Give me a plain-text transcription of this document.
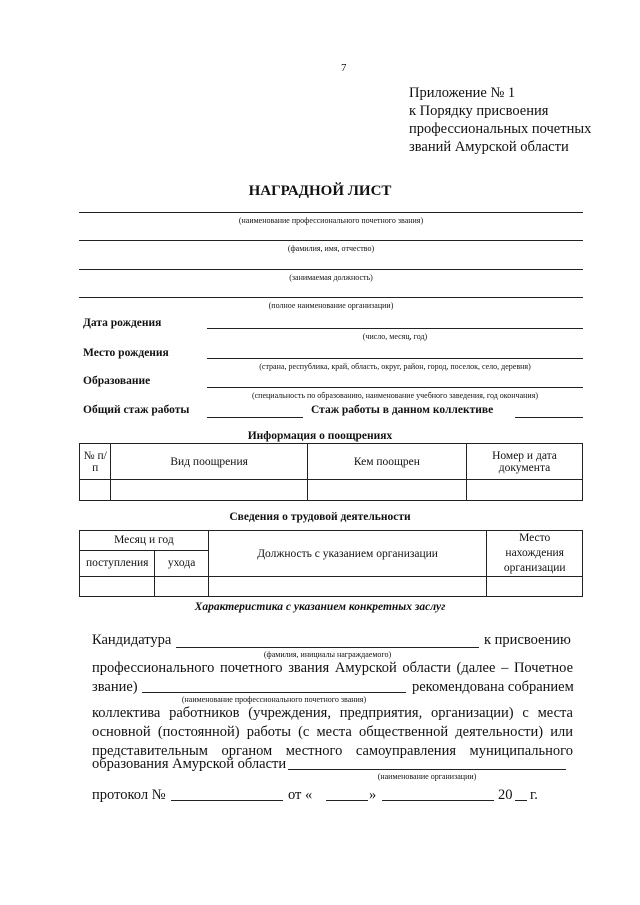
7
Приложение № 1
к Порядку присвоения
профессиональных почетных
званий Амурской области
НАГРАДНОЙ ЛИСТ
(наименование профессионального почетного звания)
(фамилия, имя, отчество)
(занимаемая должность)
(полное наименование организации)
Дата рождения
(число, месяц, год)
Место рождения
(страна, республика, край, область, округ, район, город, поселок, село, деревня)
Образование
(специальность по образованию, наименование учебного заведения, год окончания)
Общий стаж работы	Стаж работы в данном коллективе
Информация о поощрениях
№ п/п	Вид поощрения	Кем поощрен	Номер и дата документа

Сведения о трудовой деятельности
Месяц и год		Должность с указанием организации	Место нахождения организации
поступления	ухода		

Характеристика с указанием конкретных заслуг
Кандидатура	к присвоению
(фамилия, инициалы награждаемого)
профессионального почетного звания Амурской области (далее – Почетное
звание)	рекомендована собранием
(наименование профессионального почетного звания)
коллектива работников (учреждения, предприятия, организации) с места
основной (постоянной) работы (с места общественной деятельности) или
представительным органом местного самоуправления муниципального
образования Амурской области
(наименование организации)
протокол №	от «	»	20 г.
